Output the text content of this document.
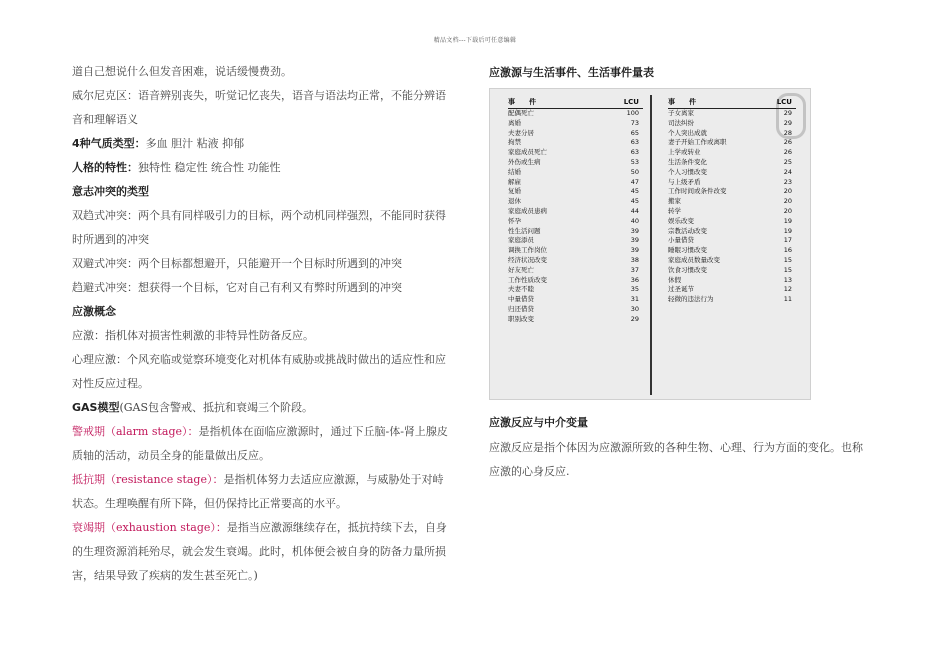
精品文档---下载后可任意编辑

道自己想说什么但发音困难，说话缓慢费劲。

威尔尼克区：语音辨别丧失，听觉记忆丧失，语音与语法均正常，不能分辨语

音和理解语义

4种气质类型：多血 胆汁 粘液 抑郁

人格的特性：独特性 稳定性 统合性 功能性

意志冲突的类型

双趋式冲突：两个具有同样吸引力的目标，两个动机同样强烈，不能同时获得

时所遇到的冲突

双避式冲突：两个目标都想避开，只能避开一个目标时所遇到的冲突

趋避式冲突：想获得一个目标，它对自己有利又有弊时所遇到的冲突

应激概念

应激：指机体对损害性刺激的非特异性防备反应。

心理应激：个风充临或觉察环境变化对机体有威胁或挑战时做出的适应性和应

对性反应过程。

GAS模型(GAS包含警戒、抵抗和衰竭三个阶段。

警戒期（alarm stage）：是指机体在面临应激源时，通过下丘脑-体-肾上腺皮

质轴的活动，动员全身的能量做出反应。

抵抗期（resistance stage）：是指机体努力去适应应激源，与威胁处于对峙

状态。生理唤醒有所下降，但仍保持比正常要高的水平。

衰竭期（exhaustion stage）：是指当应激源继续存在，抵抗持续下去，自身

的生理资源消耗殆尽，就会发生衰竭。此时，机体便会被自身的防备力量所损

害，结果导致了疾病的发生甚至死亡。)

应激源与生活事件、生活事件量表

事　　件	LCU
配偶死亡	100
离婚	73
夫妻分居	65
拘禁	63
家庭成员死亡	63
外伤或生病	53
结婚	50
解雇	47
复婚	45
退休	45
家庭成员患病	44
怀孕	40
性生活问题	39
家庭添员	39
调换工作岗位	39
经济状况改变	38
好友死亡	37
工作性质改变	36
夫妻不睦	35
中量借贷	31
归还借贷	30
职别改变	29
事　　件	LCU
子女离家	29
司法纠纷	29
个人突出成就	28
妻子开始工作或离职	26
上学或转业	26
生活条件变化	25
个人习惯改变	24
与上级矛盾	23
工作时间或条件改变	20
搬家	20
转学	20
娱乐改变	19
宗教活动改变	19
小量借贷	17
睡眠习惯改变	16
家庭成员数量改变	15
饮食习惯改变	15
休假	13
过圣诞节	12
轻微的违法行为	11

应激反应与中介变量

应激反应是指个体因为应激源所致的各种生物、心理、行为方面的变化。也称

应激的心身反应.
